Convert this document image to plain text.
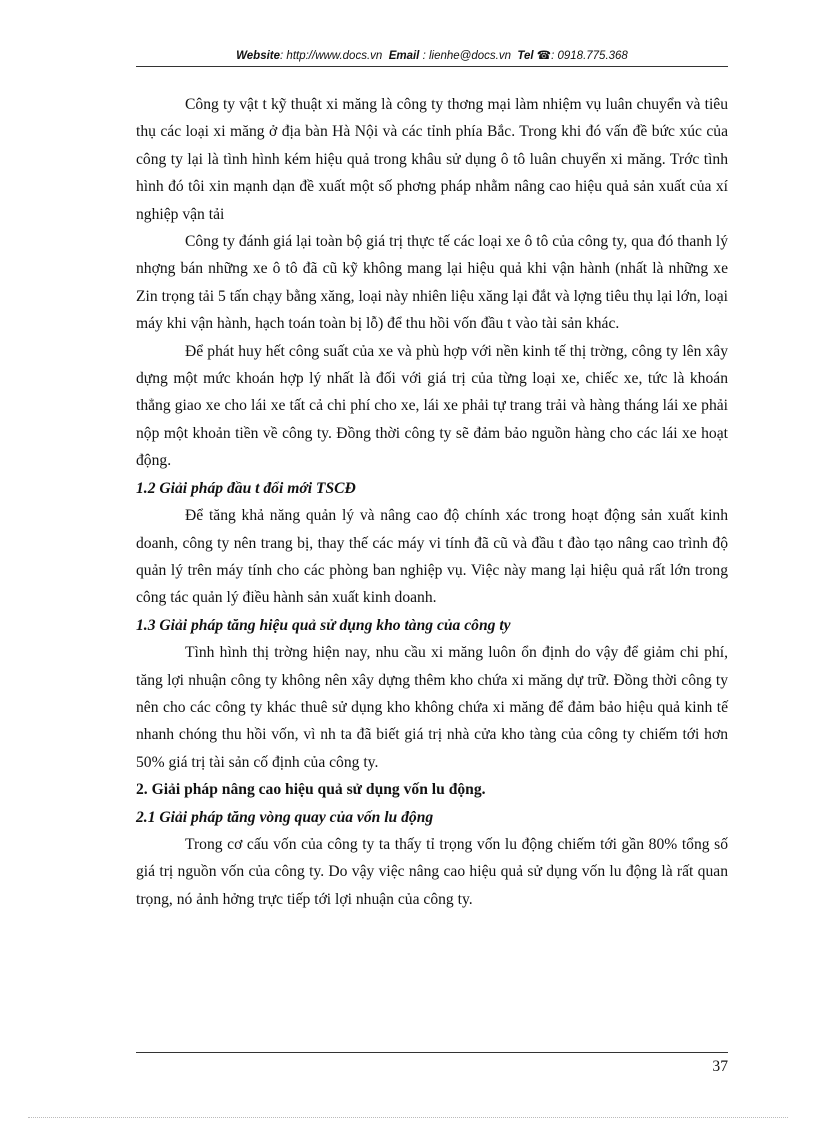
Website: http://www.docs.vn Email : lienhe@docs.vn Tel ☎: 0918.775.368

Công ty vật t kỹ thuật xi măng là công ty thơng mại làm nhiệm vụ luân chuyển và tiêu thụ các loại xi măng ở địa bàn Hà Nội và các tỉnh phía Bắc. Trong khi đó vấn đề bức xúc của công ty lại là tình hình kém hiệu quả trong khâu sử dụng ô tô luân chuyển xi măng. Trớc tình hình đó tôi xin mạnh dạn đề xuất một số phơng pháp nhằm nâng cao hiệu quả sản xuất của xí nghiệp vận tải

Công ty đánh giá lại toàn bộ giá trị thực tế các loại xe ô tô của công ty, qua đó thanh lý nhợng bán những xe ô tô đã cũ kỹ không mang lại hiệu quả khi vận hành (nhất là những xe Zin trọng tải 5 tấn chạy bằng xăng, loại này nhiên liệu xăng lại đắt và lợng tiêu thụ lại lớn, loại máy khi vận hành, hạch toán toàn bị lỗ) để thu hồi vốn đầu t vào tài sản khác.

Để phát huy hết công suất của xe và phù hợp với nền kinh tế thị trờng, công ty lên xây dựng một mức khoán hợp lý nhất là đối với giá trị của từng loại xe, chiếc xe, tức là khoán thẳng giao xe cho lái xe tất cả chi phí cho xe, lái xe phải tự trang trải và hàng tháng lái xe phải nộp một khoản tiền về công ty. Đồng thời công ty sẽ đảm bảo nguồn hàng cho các lái xe hoạt động.

1.2 Giải pháp đầu t đổi mới TSCĐ

Để tăng khả năng quản lý và nâng cao độ chính xác trong hoạt động sản xuất kinh doanh, công ty nên trang bị, thay thế các máy vi tính đã cũ và đầu t đào tạo nâng cao trình độ quản lý trên máy tính cho các phòng ban nghiệp vụ. Việc này mang lại hiệu quả rất lớn trong công tác quản lý điều hành sản xuất kinh doanh.

1.3 Giải pháp tăng hiệu quả sử dụng kho tàng của công ty

Tình hình thị trờng hiện nay, nhu cầu xi măng luôn ổn định do vậy để giảm chi phí, tăng lợi nhuận công ty không nên xây dựng thêm kho chứa xi măng dự trữ. Đồng thời công ty nên cho các công ty khác thuê sử dụng kho không chứa xi măng để đảm bảo hiệu quả kinh tế nhanh chóng thu hồi vốn, vì nh ta đã biết giá trị nhà cửa kho tàng của công ty chiếm tới hơn 50% giá trị tài sản cố định của công ty.

2. Giải pháp nâng cao hiệu quả sử dụng vốn lu động.
2.1 Giải pháp tăng vòng quay của vốn lu động

Trong cơ cấu vốn của công ty ta thấy tỉ trọng vốn lu động chiếm tới gần 80% tổng số giá trị nguồn vốn của công ty. Do vậy việc nâng cao hiệu quả sử dụng vốn lu động là rất quan trọng, nó ảnh hởng trực tiếp tới lợi nhuận của công ty.

37
